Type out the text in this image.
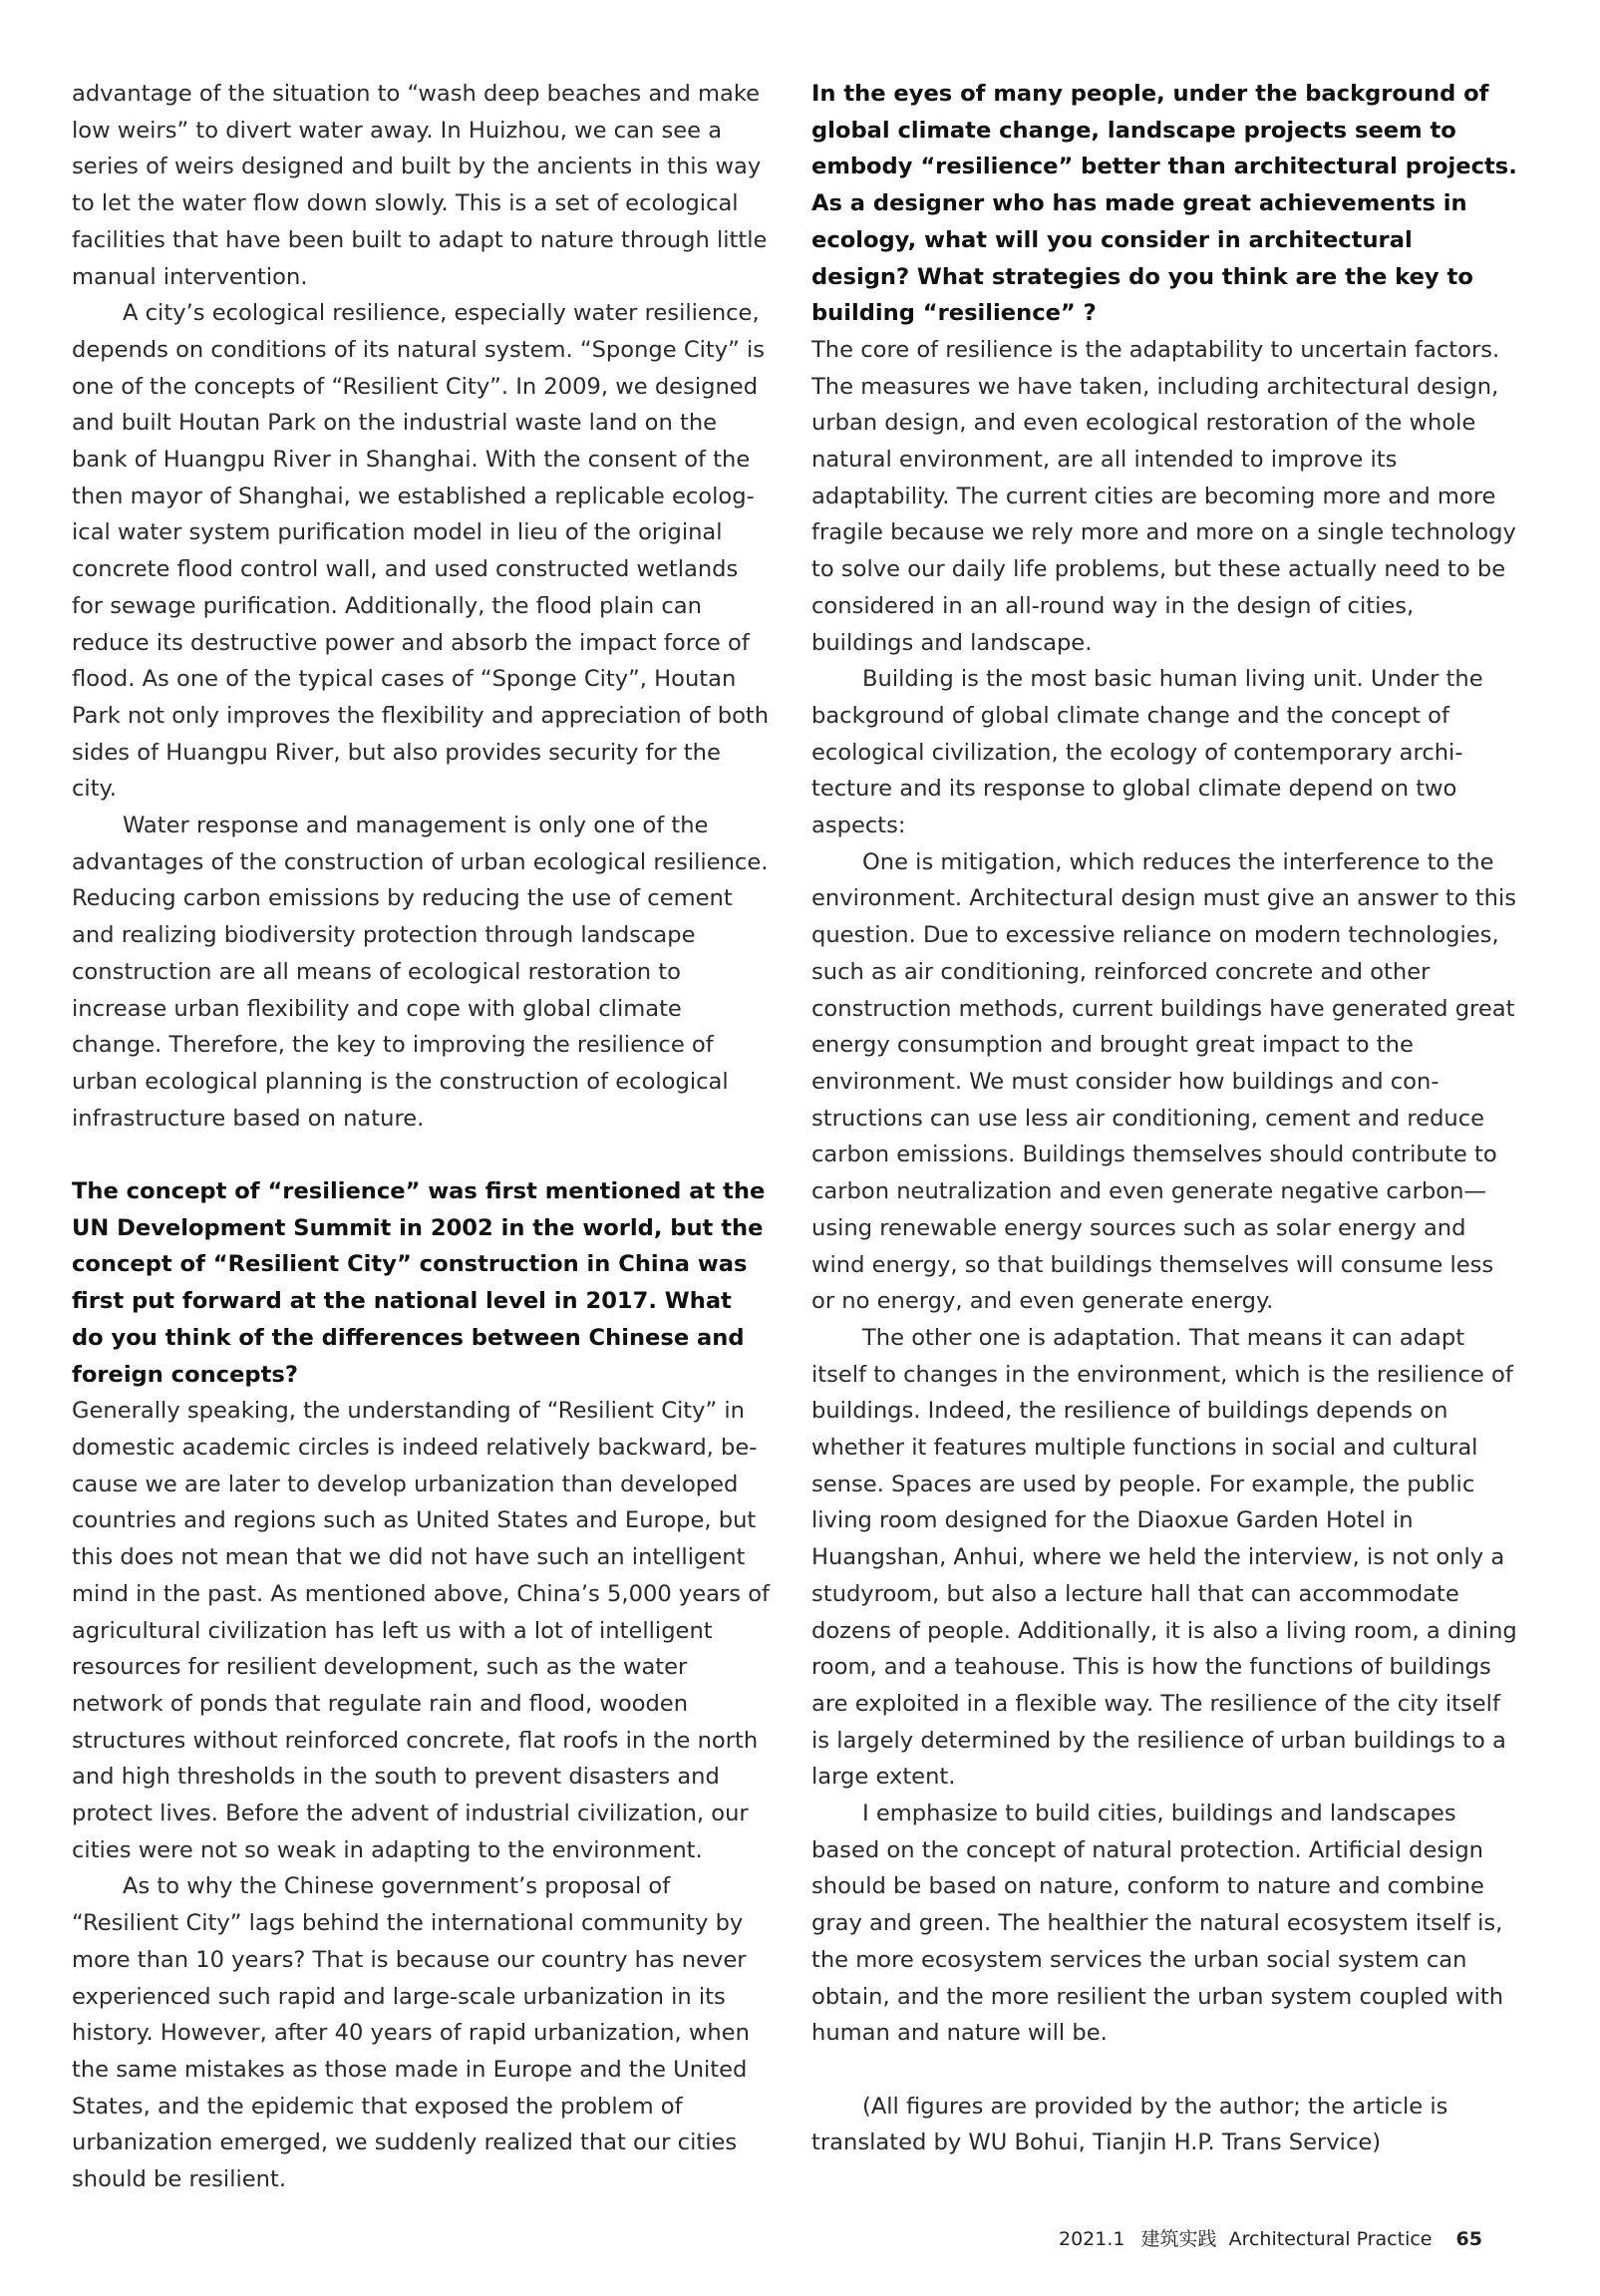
advantage of the situation to “wash deep beaches and make low weirs” to divert water away. In Huizhou, we can see a series of weirs designed and built by the ancients in this way to let the water flow down slowly. This is a set of ecological facilities that have been built to adapt to nature through little manual intervention.

A city’s ecological resilience, especially water resilience, depends on conditions of its natural system. “Sponge City” is one of the concepts of “Resilient City”. In 2009, we designed and built Houtan Park on the industrial waste land on the bank of Huangpu River in Shanghai. With the consent of the then mayor of Shanghai, we established a replicable ecological water system purification model in lieu of the original concrete flood control wall, and used constructed wetlands for sewage purification. Additionally, the flood plain can reduce its destructive power and absorb the impact force of flood. As one of the typical cases of “Sponge City”, Houtan Park not only improves the flexibility and appreciation of both sides of Huangpu River, but also provides security for the city.

Water response and management is only one of the advantages of the construction of urban ecological resilience. Reducing carbon emissions by reducing the use of cement and realizing biodiversity protection through landscape construction are all means of ecological restoration to increase urban flexibility and cope with global climate change. Therefore, the key to improving the resilience of urban ecological planning is the construction of ecological infrastructure based on nature.

The concept of “resilience” was first mentioned at the UN Development Summit in 2002 in the world, but the concept of “Resilient City” construction in China was first put forward at the national level in 2017. What do you think of the differences between Chinese and foreign concepts?

Generally speaking, the understanding of “Resilient City” in domestic academic circles is indeed relatively backward, because we are later to develop urbanization than developed countries and regions such as United States and Europe, but this does not mean that we did not have such an intelligent mind in the past. As mentioned above, China’s 5,000 years of agricultural civilization has left us with a lot of intelligent resources for resilient development, such as the water network of ponds that regulate rain and flood, wooden structures without reinforced concrete, flat roofs in the north and high thresholds in the south to prevent disasters and protect lives. Before the advent of industrial civilization, our cities were not so weak in adapting to the environment.

As to why the Chinese government’s proposal of “Resilient City” lags behind the international community by more than 10 years? That is because our country has never experienced such rapid and large-scale urbanization in its history. However, after 40 years of rapid urbanization, when the same mistakes as those made in Europe and the United States, and the epidemic that exposed the problem of urbanization emerged, we suddenly realized that our cities should be resilient.

In the eyes of many people, under the background of global climate change, landscape projects seem to embody “resilience” better than architectural projects. As a designer who has made great achievements in ecology, what will you consider in architectural design? What strategies do you think are the key to building “resilience” ?

The core of resilience is the adaptability to uncertain factors. The measures we have taken, including architectural design, urban design, and even ecological restoration of the whole natural environment, are all intended to improve its adaptability. The current cities are becoming more and more fragile because we rely more and more on a single technology to solve our daily life problems, but these actually need to be considered in an all-round way in the design of cities, buildings and landscape.

Building is the most basic human living unit. Under the background of global climate change and the concept of ecological civilization, the ecology of contemporary architecture and its response to global climate depend on two aspects:

One is mitigation, which reduces the interference to the environment. Architectural design must give an answer to this question. Due to excessive reliance on modern technologies, such as air conditioning, reinforced concrete and other construction methods, current buildings have generated great energy consumption and brought great impact to the environment. We must consider how buildings and constructions can use less air conditioning, cement and reduce carbon emissions. Buildings themselves should contribute to carbon neutralization and even generate negative carbon—using renewable energy sources such as solar energy and wind energy, so that buildings themselves will consume less or no energy, and even generate energy.

The other one is adaptation. That means it can adapt itself to changes in the environment, which is the resilience of buildings. Indeed, the resilience of buildings depends on whether it features multiple functions in social and cultural sense. Spaces are used by people. For example, the public living room designed for the Diaoxue Garden Hotel in Huangshan, Anhui, where we held the interview, is not only a studyroom, but also a lecture hall that can accommodate dozens of people. Additionally, it is also a living room, a dining room, and a teahouse. This is how the functions of buildings are exploited in a flexible way. The resilience of the city itself is largely determined by the resilience of urban buildings to a large extent.

I emphasize to build cities, buildings and landscapes based on the concept of natural protection. Artificial design should be based on nature, conform to nature and combine gray and green. The healthier the natural ecosystem itself is, the more ecosystem services the urban social system can obtain, and the more resilient the urban system coupled with human and nature will be.

(All figures are provided by the author; the article is translated by WU Bohui, Tianjin H.P. Trans Service)

2021.1 建筑实践 Architectural Practice 65
